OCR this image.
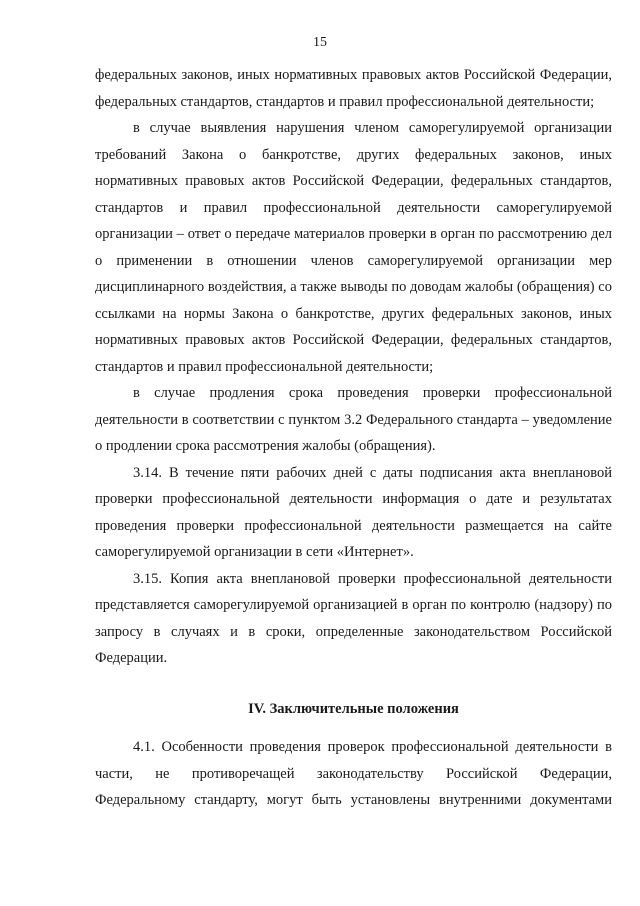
15

федеральных законов, иных нормативных правовых актов Российской Федерации, федеральных стандартов, стандартов и правил профессиональной деятельности;

в случае выявления нарушения членом саморегулируемой организации требований Закона о банкротстве, других федеральных законов, иных нормативных правовых актов Российской Федерации, федеральных стандартов, стандартов и правил профессиональной деятельности саморегулируемой организации – ответ о передаче материалов проверки в орган по рассмотрению дел о применении в отношении членов саморегулируемой организации мер дисциплинарного воздействия, а также выводы по доводам жалобы (обращения) со ссылками на нормы Закона о банкротстве, других федеральных законов, иных нормативных правовых актов Российской Федерации, федеральных стандартов, стандартов и правил профессиональной деятельности;

в случае продления срока проведения проверки профессиональной деятельности в соответствии с пунктом 3.2 Федерального стандарта – уведомление о продлении срока рассмотрения жалобы (обращения).

3.14. В течение пяти рабочих дней с даты подписания акта внеплановой проверки профессиональной деятельности информация о дате и результатах проведения проверки профессиональной деятельности размещается на сайте саморегулируемой организации в сети «Интернет».

3.15. Копия акта внеплановой проверки профессиональной деятельности представляется саморегулируемой организацией в орган по контролю (надзору) по запросу в случаях и в сроки, определенные законодательством Российской Федерации.

IV. Заключительные положения

4.1. Особенности проведения проверок профессиональной деятельности в части, не противоречащей законодательству Российской Федерации, Федеральному стандарту, могут быть установлены внутренними документами
